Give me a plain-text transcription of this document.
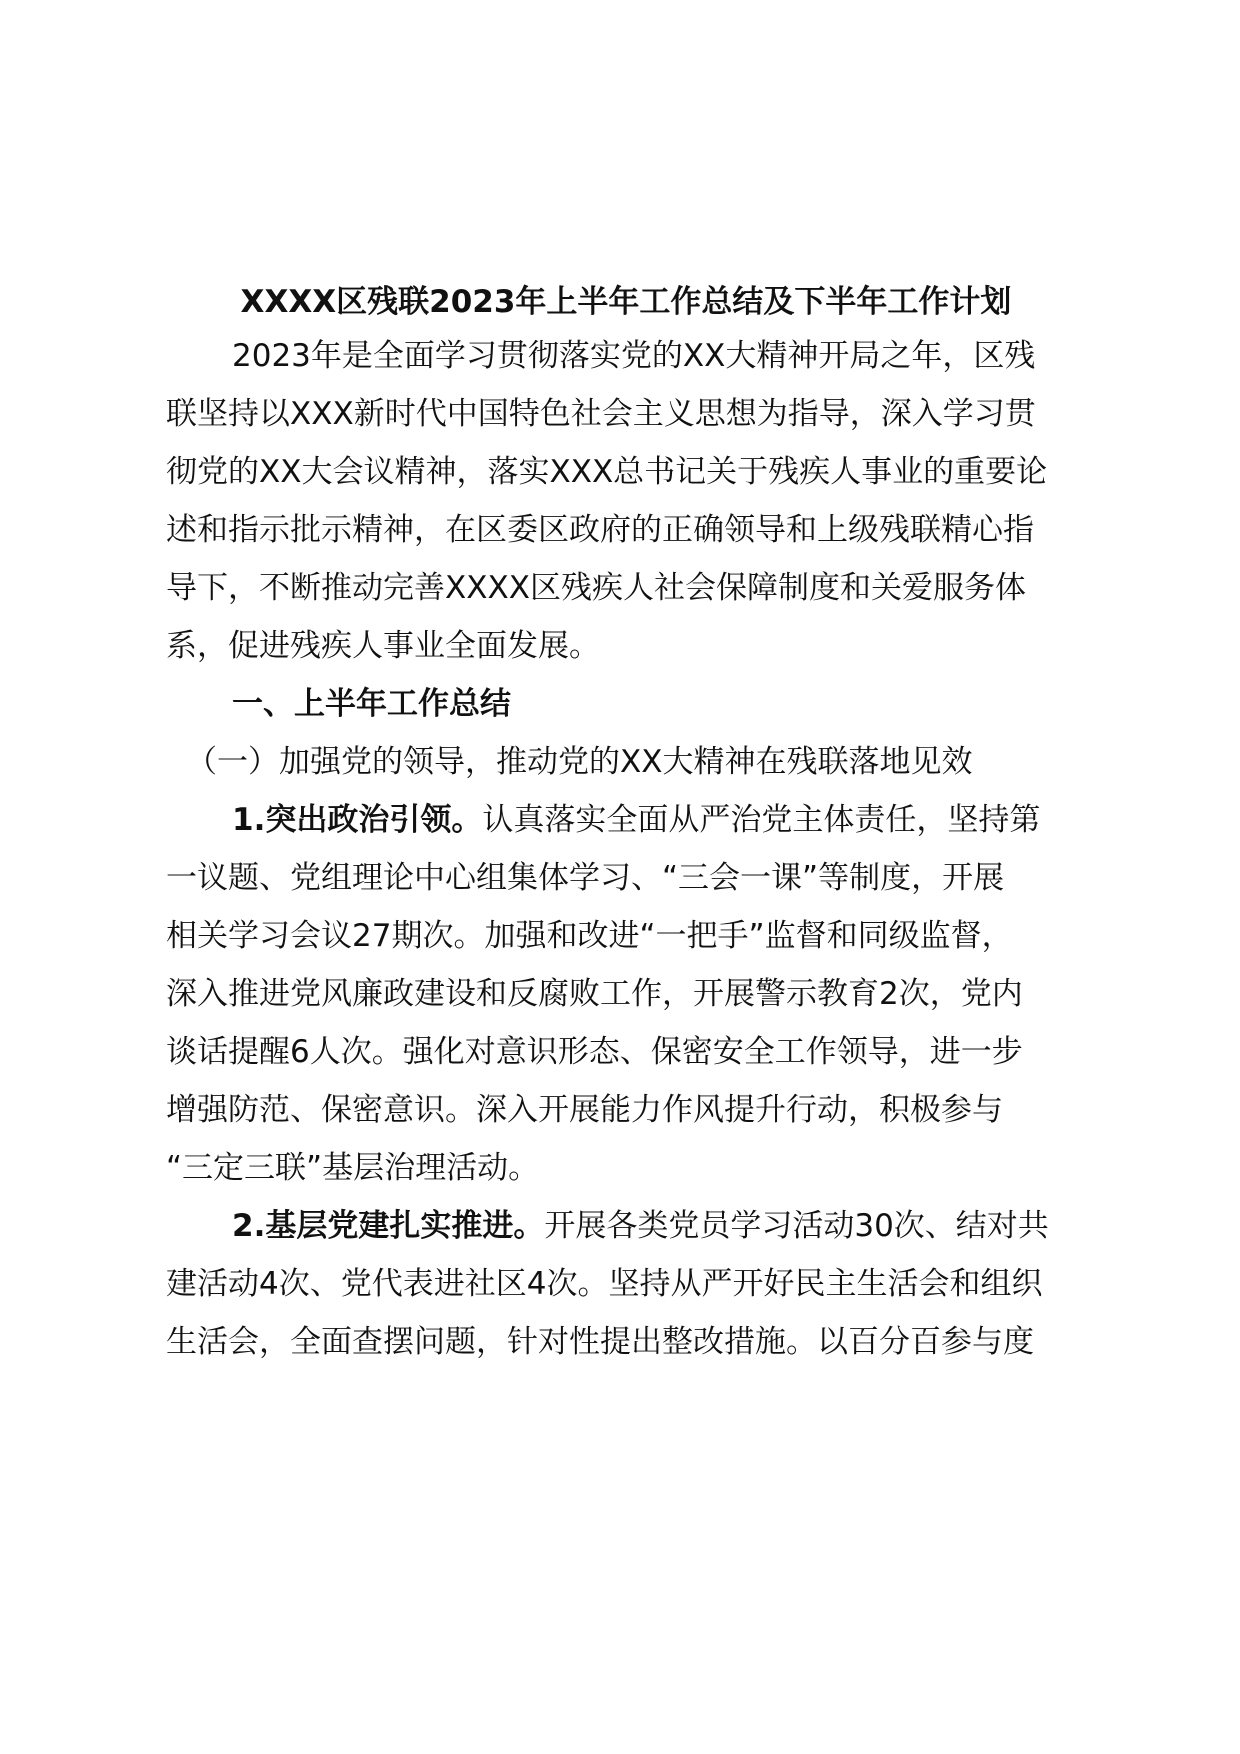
XXXX区残联2023年上半年工作总结及下半年工作计划
2023年是全面学习贯彻落实党的XX大精神开局之年，区残
联坚持以XXX新时代中国特色社会主义思想为指导，深入学习贯
彻党的XX大会议精神，落实XXX总书记关于残疾人事业的重要论
述和指示批示精神，在区委区政府的正确领导和上级残联精心指
导下，不断推动完善XXXX区残疾人社会保障制度和关爱服务体
系，促进残疾人事业全面发展。
一、上半年工作总结
（一）加强党的领导，推动党的XX大精神在残联落地见效
1.突出政治引领。认真落实全面从严治党主体责任，坚持第
一议题、党组理论中心组集体学习、“三会一课”等制度，开展
相关学习会议27期次。加强和改进“一把手”监督和同级监督，
深入推进党风廉政建设和反腐败工作，开展警示教育2次，党内
谈话提醒6人次。强化对意识形态、保密安全工作领导，进一步
增强防范、保密意识。深入开展能力作风提升行动，积极参与
“三定三联”基层治理活动。
2.基层党建扎实推进。开展各类党员学习活动30次、结对共
建活动4次、党代表进社区4次。坚持从严开好民主生活会和组织
生活会，全面查摆问题，针对性提出整改措施。以百分百参与度
